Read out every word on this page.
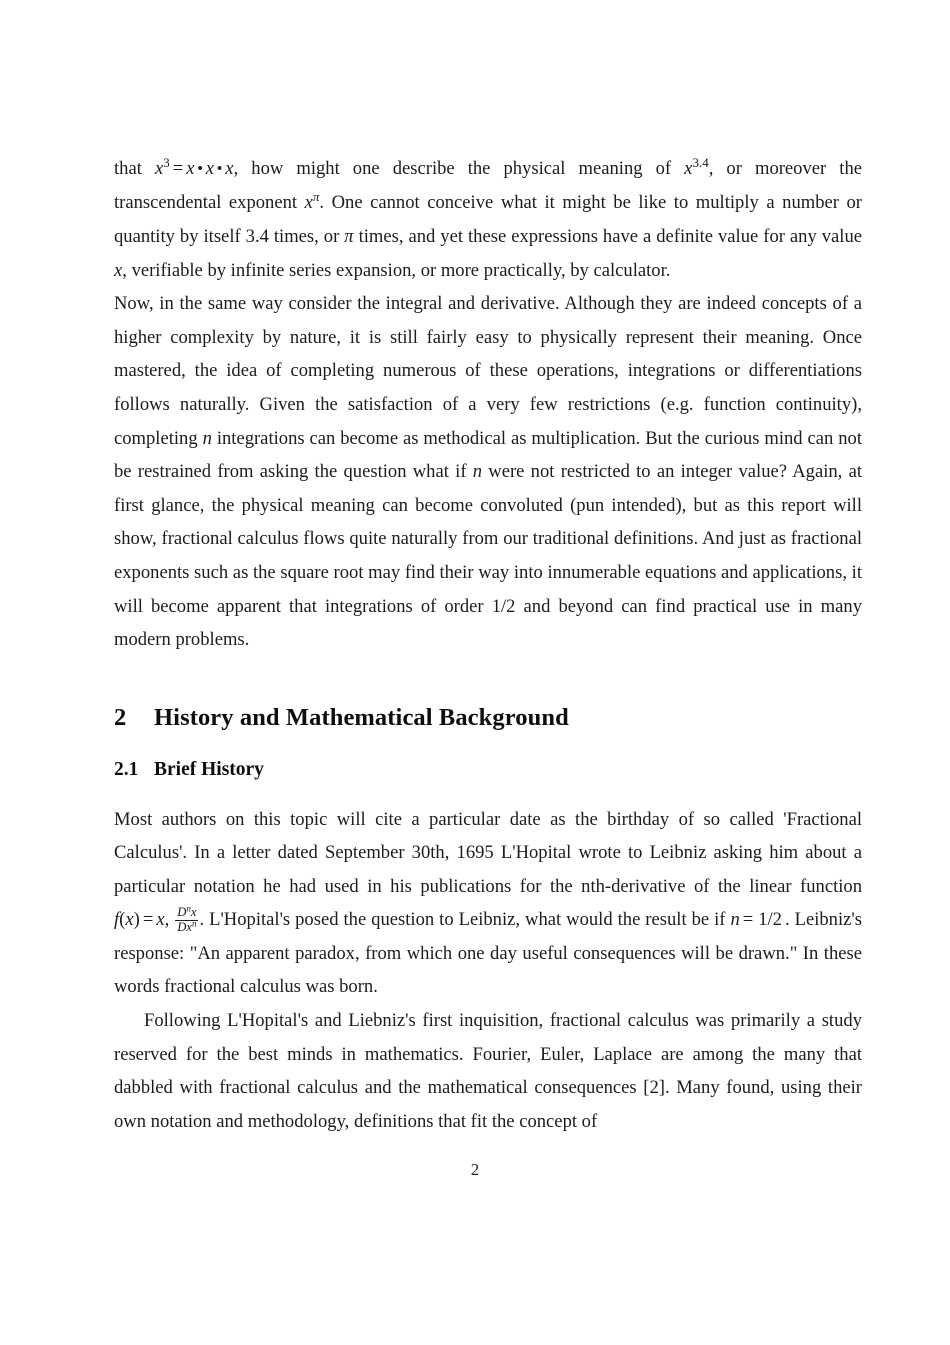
that $x^3 = x$ • x • x, how might one describe the physical meaning of $x^{3.4}$, or moreover the transcendental exponent $x^\pi$. One cannot conceive what it might be like to multiply a number or quantity by itself 3.4 times, or π times, and yet these expressions have a definite value for any value x, verifiable by infinite series expansion, or more practically, by calculator.

Now, in the same way consider the integral and derivative. Although they are indeed concepts of a higher complexity by nature, it is still fairly easy to physically represent their meaning. Once mastered, the idea of completing numerous of these operations, integrations or differentiations follows naturally. Given the satisfaction of a very few restrictions (e.g. function continuity), completing n integrations can become as methodical as multiplication. But the curious mind can not be restrained from asking the question what if n were not restricted to an integer value? Again, at first glance, the physical meaning can become convoluted (pun intended), but as this report will show, fractional calculus flows quite naturally from our traditional definitions. And just as fractional exponents such as the square root may find their way into innumerable equations and applications, it will become apparent that integrations of order 1/2 and beyond can find practical use in many modern problems.

2 History and Mathematical Background
2.1 Brief History

Most authors on this topic will cite a particular date as the birthday of so called 'Fractional Calculus'. In a letter dated September 30th, 1695 L'Hopital wrote to Leibniz asking him about a particular notation he had used in his publications for the nth-derivative of the linear function f(x) = x, $\frac{D^nx}{Dx^n}$ . L'Hopital's posed the question to Leibniz, what would the result be if n = 1/2 . Leibniz's response: "An apparent paradox, from which one day useful consequences will be drawn." In these words fractional calculus was born.

Following L'Hopital's and Liebniz's first inquisition, fractional calculus was primarily a study reserved for the best minds in mathematics. Fourier, Euler, Laplace are among the many that dabbled with fractional calculus and the mathematical consequences [2]. Many found, using their own notation and methodology, definitions that fit the concept of

2
